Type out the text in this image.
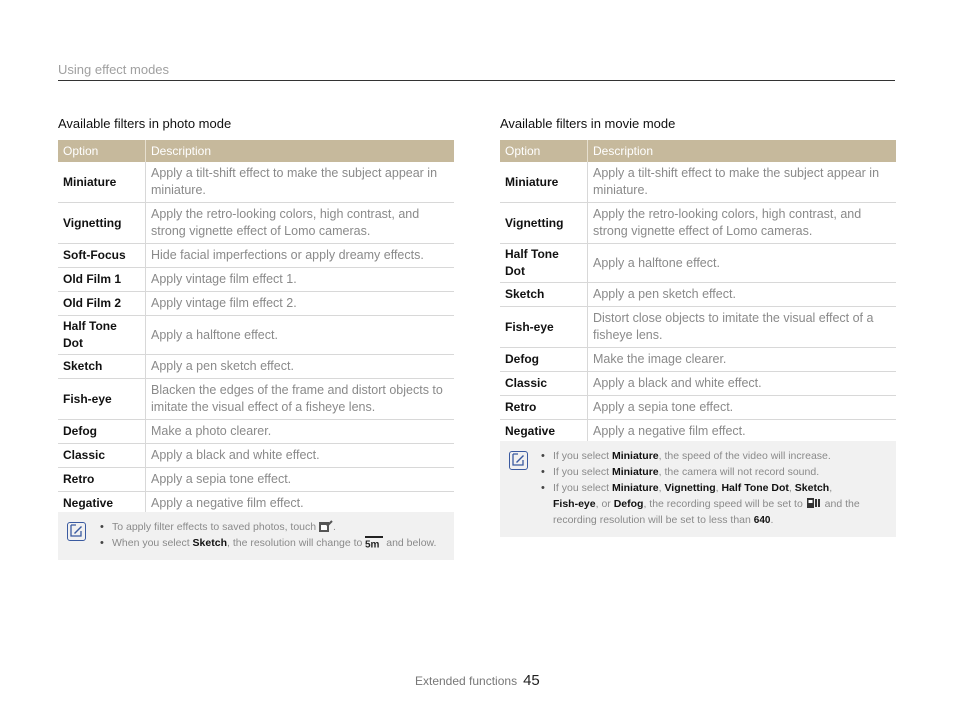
Using effect modes
Available filters in photo mode
Option	Description
Miniature	Apply a tilt-shift effect to make the subject appear in miniature.
Vignetting	Apply the retro-looking colors, high contrast, and strong vignette effect of Lomo cameras.
Soft-Focus	Hide facial imperfections or apply dreamy effects.
Old Film 1	Apply vintage film effect 1.
Old Film 2	Apply vintage film effect 2.
Half Tone Dot	Apply a halftone effect.
Sketch	Apply a pen sketch effect.
Fish-eye	Blacken the edges of the frame and distort objects to imitate the visual effect of a fisheye lens.
Defog	Make a photo clearer.
Classic	Apply a black and white effect.
Retro	Apply a sepia tone effect.
Negative	Apply a negative film effect.
• To apply filter effects to saved photos, touch .
• When you select Sketch, the resolution will change to 5m and below.
Available filters in movie mode
Option	Description
Miniature	Apply a tilt-shift effect to make the subject appear in miniature.
Vignetting	Apply the retro-looking colors, high contrast, and strong vignette effect of Lomo cameras.
Half Tone Dot	Apply a halftone effect.
Sketch	Apply a pen sketch effect.
Fish-eye	Distort close objects to imitate the visual effect of a fisheye lens.
Defog	Make the image clearer.
Classic	Apply a black and white effect.
Retro	Apply a sepia tone effect.
Negative	Apply a negative film effect.
• If you select Miniature, the speed of the video will increase.
• If you select Miniature, the camera will not record sound.
• If you select Miniature, Vignetting, Half Tone Dot, Sketch,
Fish-eye, or Defog, the recording speed will be set to  and the recording resolution will be set to less than 640.
Extended functions 45
